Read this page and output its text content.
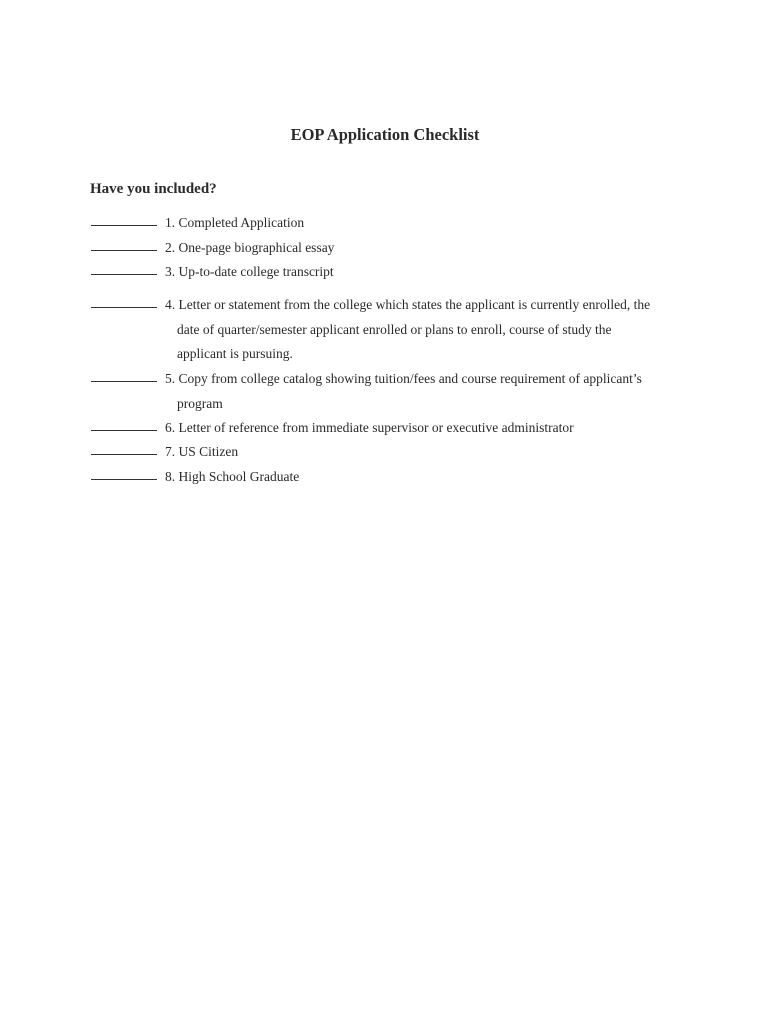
EOP Application Checklist
Have you included?

1. Completed Application

2. One-page biographical essay

3. Up-to-date college transcript

4. Letter or statement from the college which states the applicant is currently enrolled, the
date of quarter/semester applicant enrolled or plans to enroll, course of study the
applicant is pursuing.

5. Copy from college catalog showing tuition/fees and course requirement of applicant’s
program

6. Letter of reference from immediate supervisor or executive administrator

7. US Citizen

8. High School Graduate
